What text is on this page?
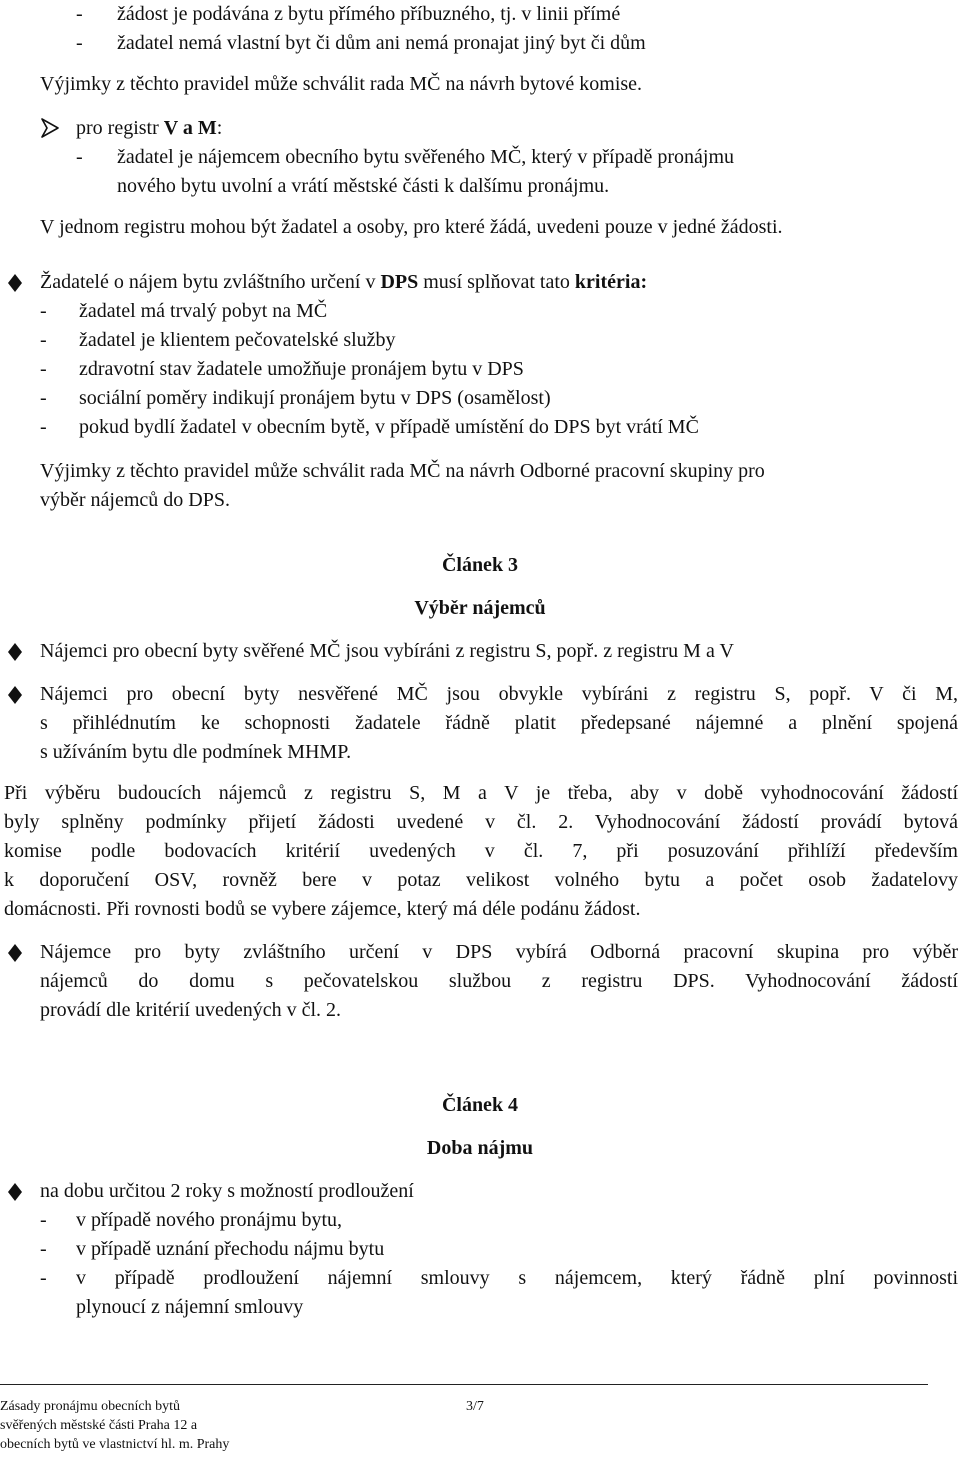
- žádost je podávána z bytu přímého příbuzného, tj. v linii přímé
- žadatel nemá vlastní byt či dům ani nemá pronajat jiný byt či dům
Výjimky z těchto pravidel může schválit rada MČ na návrh bytové komise.
pro registr V a M:
- žadatel je nájemcem obecního bytu svěřeného MČ, který v případě pronájmu
nového bytu uvolní a vrátí městské části k dalšímu pronájmu.
V jednom registru mohou být žadatel a osoby, pro které žádá, uvedeni pouze v jedné žádosti.
Žadatelé o nájem bytu zvláštního určení v DPS musí splňovat tato kritéria:
- žadatel má trvalý pobyt na MČ
- žadatel je klientem pečovatelské služby
- zdravotní stav žadatele umožňuje pronájem bytu v DPS
- sociální poměry indikují pronájem bytu v DPS (osamělost)
- pokud bydlí žadatel v obecním bytě, v případě umístění do DPS byt vrátí MČ
Výjimky z těchto pravidel může schválit rada MČ na návrh Odborné pracovní skupiny pro
výběr nájemců do DPS.
Článek 3
Výběr nájemců
Nájemci pro obecní byty svěřené MČ jsou vybíráni z registru S, popř. z registru M a V
Nájemci pro obecní byty nesvěřené MČ jsou obvykle vybíráni z registru S, popř. V či M,
s přihlédnutím ke schopnosti žadatele řádně platit předepsané nájemné a plnění spojená
s užíváním bytu dle podmínek MHMP.
Při výběru budoucích nájemců z registru S, M a V je třeba, aby v době vyhodnocování žádostí
byly splněny podmínky přijetí žádosti uvedené v čl. 2. Vyhodnocování žádostí provádí bytová
komise podle bodovacích kritérií uvedených v čl. 7, při posuzování přihlíží především
k doporučení OSV, rovněž bere v potaz velikost volného bytu a počet osob žadatelovy
domácnosti. Při rovnosti bodů se vybere zájemce, který má déle podánu žádost.
Nájemce pro byty zvláštního určení v DPS vybírá Odborná pracovní skupina pro výběr
nájemců do domu s pečovatelskou službou z registru DPS. Vyhodnocování žádostí
provádí dle kritérií uvedených v čl. 2.
Článek 4
Doba nájmu
na dobu určitou 2 roky s možností prodloužení
- v případě nového pronájmu bytu,
- v případě uznání přechodu nájmu bytu
- v případě prodloužení nájemní smlouvy s nájemcem, který řádně plní povinnosti
plynoucí z nájemní smlouvy
Zásady pronájmu obecních bytů
svěřených městské části Praha 12 a
obecních bytů ve vlastnictví hl. m. Prahy
3/7
